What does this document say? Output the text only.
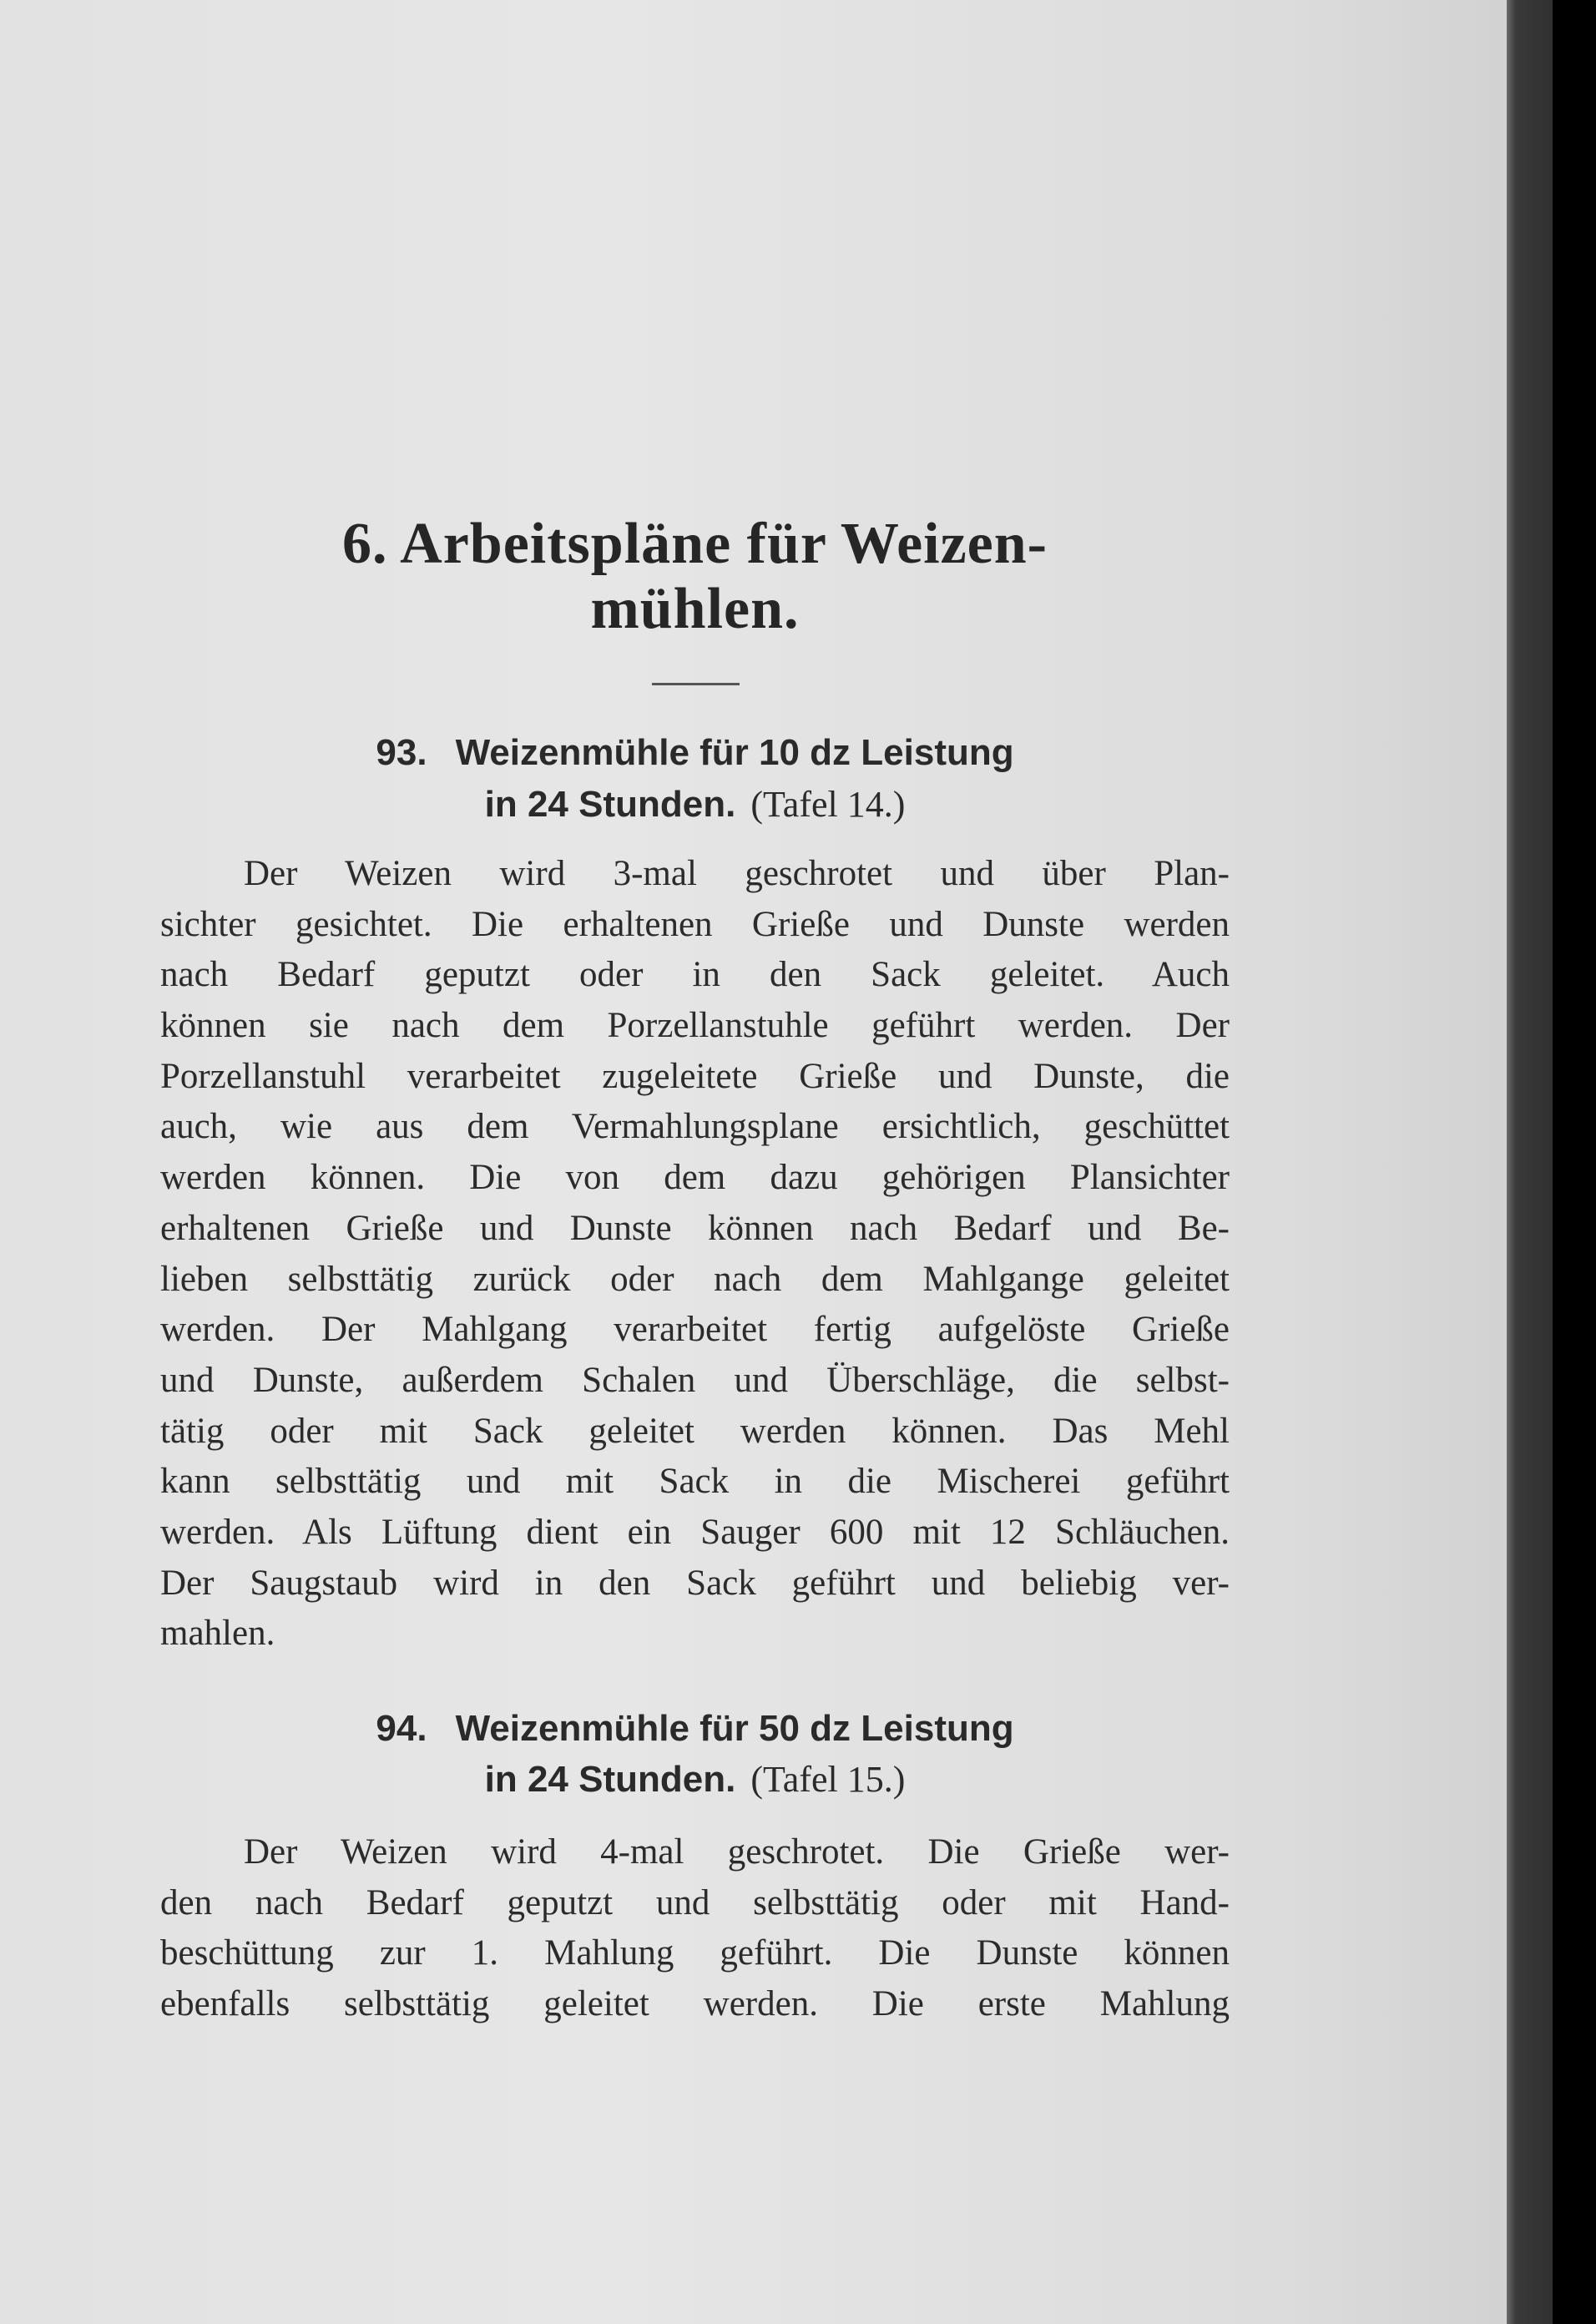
6. Arbeitspläne für Weizen-
mühlen.
93. Weizenmühle für 10 dz Leistung
in 24 Stunden. (Tafel 14.)
Der Weizen wird 3-mal geschrotet und über Plan-
sichter gesichtet. Die erhaltenen Grieße und Dunste werden
nach Bedarf geputzt oder in den Sack geleitet. Auch
können sie nach dem Porzellanstuhle geführt werden. Der
Porzellanstuhl verarbeitet zugeleitete Grieße und Dunste, die
auch, wie aus dem Vermahlungsplane ersichtlich, geschüttet
werden können. Die von dem dazu gehörigen Plansichter
erhaltenen Grieße und Dunste können nach Bedarf und Be-
lieben selbsttätig zurück oder nach dem Mahlgange geleitet
werden. Der Mahlgang verarbeitet fertig aufgelöste Grieße
und Dunste, außerdem Schalen und Überschläge, die selbst-
tätig oder mit Sack geleitet werden können. Das Mehl
kann selbsttätig und mit Sack in die Mischerei geführt
werden. Als Lüftung dient ein Sauger 600 mit 12 Schläuchen.
Der Saugstaub wird in den Sack geführt und beliebig ver-
mahlen.
94. Weizenmühle für 50 dz Leistung
in 24 Stunden. (Tafel 15.)
Der Weizen wird 4-mal geschrotet. Die Grieße wer-
den nach Bedarf geputzt und selbsttätig oder mit Hand-
beschüttung zur 1. Mahlung geführt. Die Dunste können
ebenfalls selbsttätig geleitet werden. Die erste Mahlung
